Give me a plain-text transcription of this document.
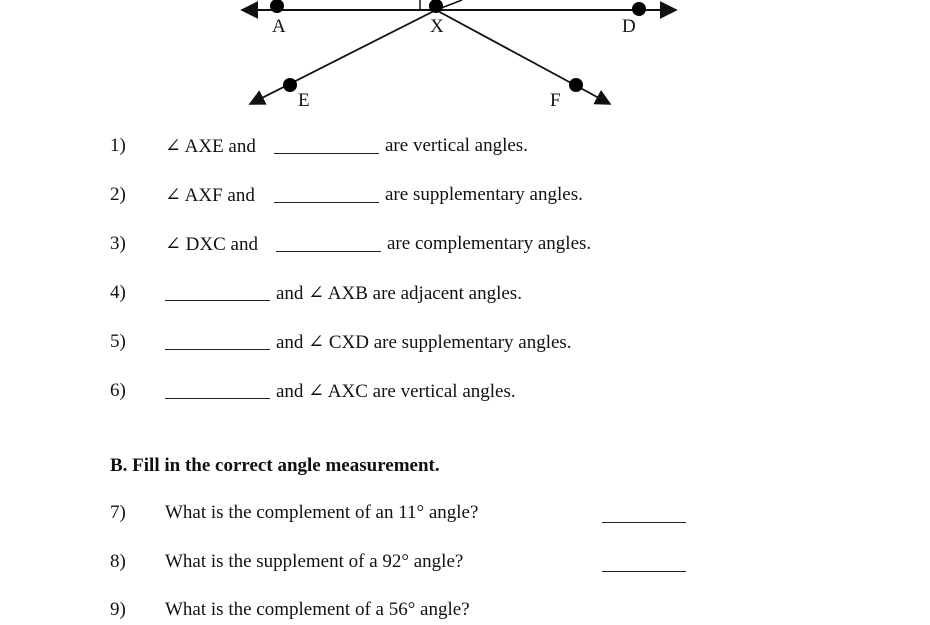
A	X	D
E	F
1) ∠ AXE and	are vertical angles.
2) ∠ AXF and	are supplementary angles.
3) ∠ DXC and	are complementary angles.
4)	and ∠ AXB are adjacent angles.
5)	and ∠ CXD are supplementary angles.
6)	and ∠ AXC are vertical angles.
B. Fill in the correct angle measurement.
7) What is the complement of an 11° angle?
8) What is the supplement of a 92° angle?
9) What is the complement of a 56° angle?
